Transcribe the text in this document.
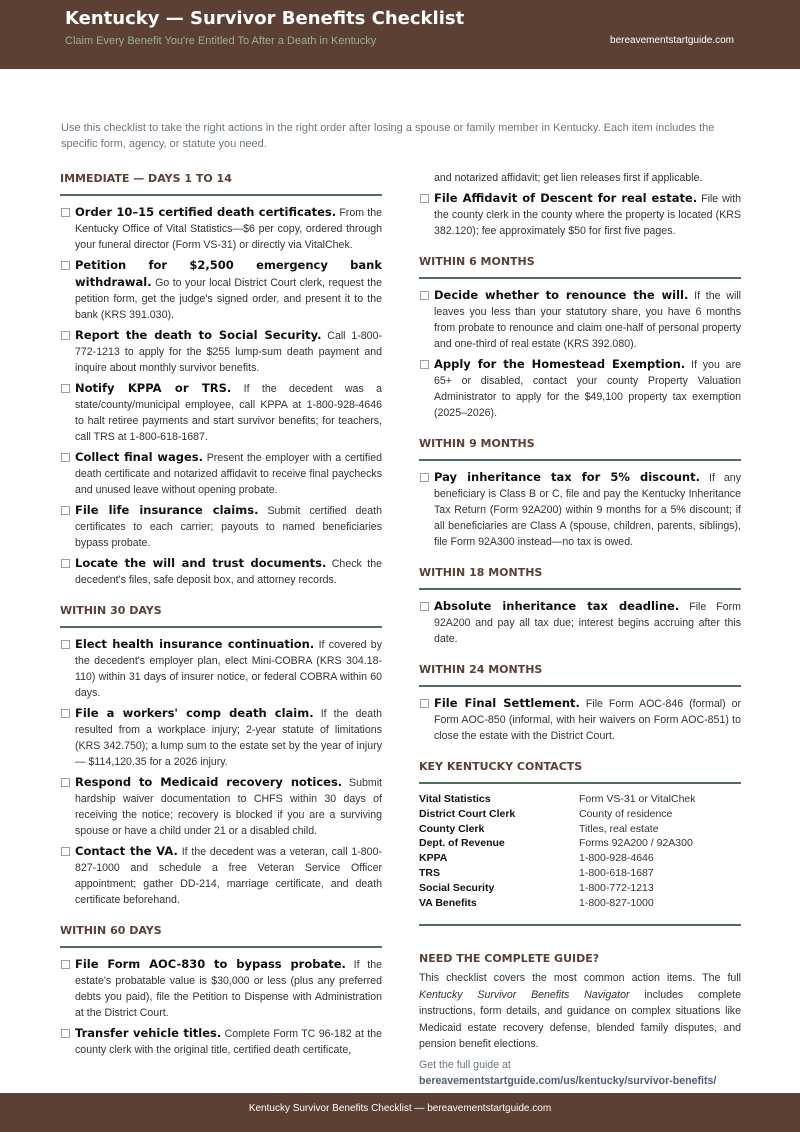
Kentucky — Survivor Benefits Checklist
Claim Every Benefit You're Entitled To After a Death in Kentucky	bereavementstartguide.com
Use this checklist to take the right actions in the right order after losing a spouse or family member in Kentucky. Each item includes the specific form, agency, or statute you need.
IMMEDIATE — DAYS 1 TO 14
Order 10–15 certified death certificates. From the Kentucky Office of Vital Statistics—$6 per copy, ordered through your funeral director (Form VS-31) or directly via VitalChek.
Petition for $2,500 emergency bank withdrawal. Go to your local District Court clerk, request the petition form, get the judge's signed order, and present it to the bank (KRS 391.030).
Report the death to Social Security. Call 1-800-772-1213 to apply for the $255 lump-sum death payment and inquire about monthly survivor benefits.
Notify KPPA or TRS. If the decedent was a state/county/municipal employee, call KPPA at 1-800-928-4646 to halt retiree payments and start survivor benefits; for teachers, call TRS at 1-800-618-1687.
Collect final wages. Present the employer with a certified death certificate and notarized affidavit to receive final paychecks and unused leave without opening probate.
File life insurance claims. Submit certified death certificates to each carrier; payouts to named beneficiaries bypass probate.
Locate the will and trust documents. Check the decedent's files, safe deposit box, and attorney records.
WITHIN 30 DAYS
Elect health insurance continuation. If covered by the decedent's employer plan, elect Mini-COBRA (KRS 304.18-110) within 31 days of insurer notice, or federal COBRA within 60 days.
File a workers' comp death claim. If the death resulted from a workplace injury; 2-year statute of limitations (KRS 342.750); a lump sum to the estate set by the year of injury — $114,120.35 for a 2026 injury.
Respond to Medicaid recovery notices. Submit hardship waiver documentation to CHFS within 30 days of receiving the notice; recovery is blocked if you are a surviving spouse or have a child under 21 or a disabled child.
Contact the VA. If the decedent was a veteran, call 1-800-827-1000 and schedule a free Veteran Service Officer appointment; gather DD-214, marriage certificate, and death certificate beforehand.
WITHIN 60 DAYS
File Form AOC-830 to bypass probate. If the estate's probatable value is $30,000 or less (plus any preferred debts you paid), file the Petition to Dispense with Administration at the District Court.
Transfer vehicle titles. Complete Form TC 96-182 at the county clerk with the original title, certified death certificate,
and notarized affidavit; get lien releases first if applicable.
File Affidavit of Descent for real estate. File with the county clerk in the county where the property is located (KRS 382.120); fee approximately $50 for first five pages.
WITHIN 6 MONTHS
Decide whether to renounce the will. If the will leaves you less than your statutory share, you have 6 months from probate to renounce and claim one-half of personal property and one-third of real estate (KRS 392.080).
Apply for the Homestead Exemption. If you are 65+ or disabled, contact your county Property Valuation Administrator to apply for the $49,100 property tax exemption (2025–2026).
WITHIN 9 MONTHS
Pay inheritance tax for 5% discount. If any beneficiary is Class B or C, file and pay the Kentucky Inheritance Tax Return (Form 92A200) within 9 months for a 5% discount; if all beneficiaries are Class A (spouse, children, parents, siblings), file Form 92A300 instead—no tax is owed.
WITHIN 18 MONTHS
Absolute inheritance tax deadline. File Form 92A200 and pay all tax due; interest begins accruing after this date.
WITHIN 24 MONTHS
File Final Settlement. File Form AOC-846 (formal) or Form AOC-850 (informal, with heir waivers on Form AOC-851) to close the estate with the District Court.
KEY KENTUCKY CONTACTS
Vital Statistics	Form VS-31 or VitalChek
District Court Clerk	County of residence
County Clerk	Titles, real estate
Dept. of Revenue	Forms 92A200 / 92A300
KPPA	1-800-928-4646
TRS	1-800-618-1687
Social Security	1-800-772-1213
VA Benefits	1-800-827-1000
NEED THE COMPLETE GUIDE?
This checklist covers the most common action items. The full Kentucky Survivor Benefits Navigator includes complete instructions, form details, and guidance on complex situations like Medicaid estate recovery defense, blended family disputes, and pension benefit elections.
Get the full guide at
bereavementstartguide.com/us/kentucky/survivor-benefits/
Kentucky Survivor Benefits Checklist — bereavementstartguide.com
